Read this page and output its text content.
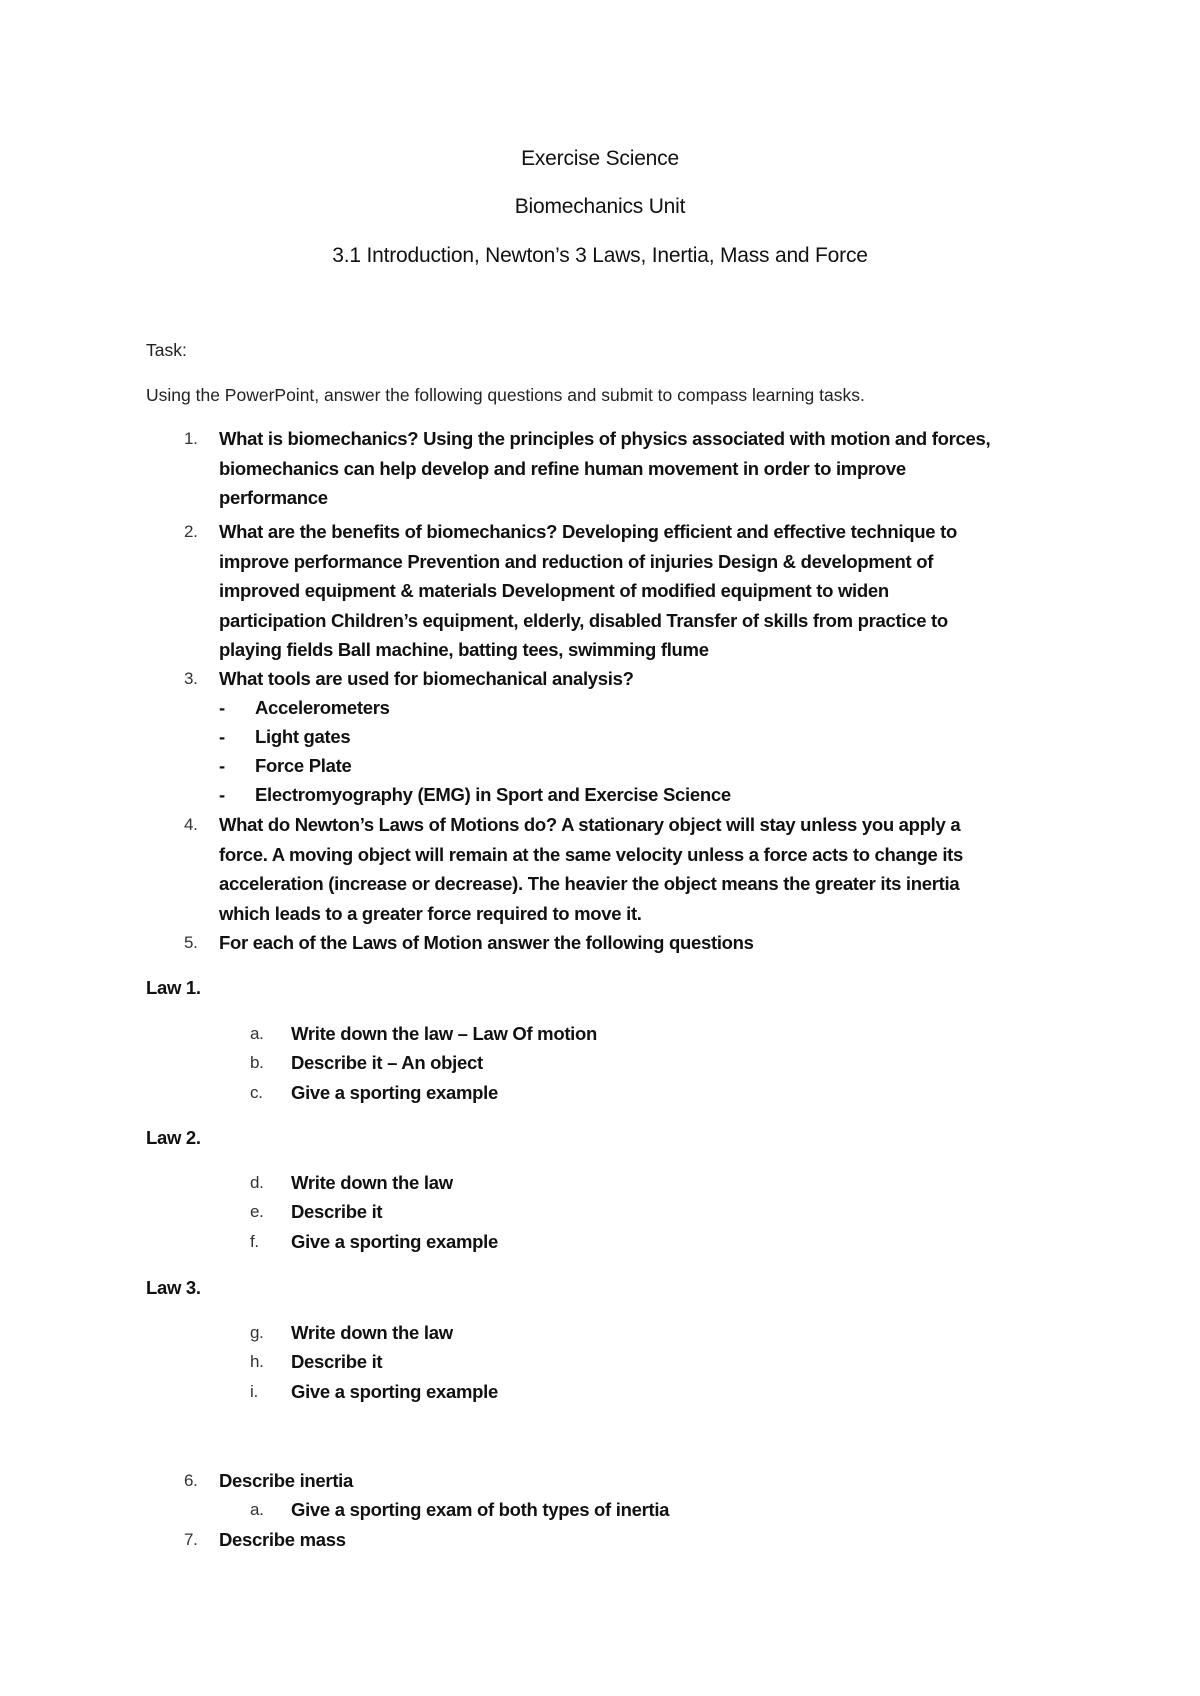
Exercise Science
Biomechanics Unit
3.1 Introduction, Newton’s 3 Laws, Inertia, Mass and Force
Task:
Using the PowerPoint, answer the following questions and submit to compass learning tasks.
1. What is biomechanics? Using the principles of physics associated with motion and forces,
biomechanics can help develop and refine human movement in order to improve
performance
2. What are the benefits of biomechanics? Developing efficient and effective technique to
improve performance Prevention and reduction of injuries Design & development of
improved equipment & materials Development of modified equipment to widen
participation Children’s equipment, elderly, disabled Transfer of skills from practice to
playing fields Ball machine, batting tees, swimming flume
3. What tools are used for biomechanical analysis?
- Accelerometers
- Light gates
- Force Plate
- Electromyography (EMG) in Sport and Exercise Science
4. What do Newton’s Laws of Motions do? A stationary object will stay unless you apply a
force. A moving object will remain at the same velocity unless a force acts to change its
acceleration (increase or decrease). The heavier the object means the greater its inertia
which leads to a greater force required to move it.
5. For each of the Laws of Motion answer the following questions
Law 1.
a. Write down the law – Law Of motion
b. Describe it – An object
c. Give a sporting example
Law 2.
d. Write down the law
e. Describe it
f. Give a sporting example
Law 3.
g. Write down the law
h. Describe it
i. Give a sporting example
6. Describe inertia
a. Give a sporting exam of both types of inertia
7. Describe mass
